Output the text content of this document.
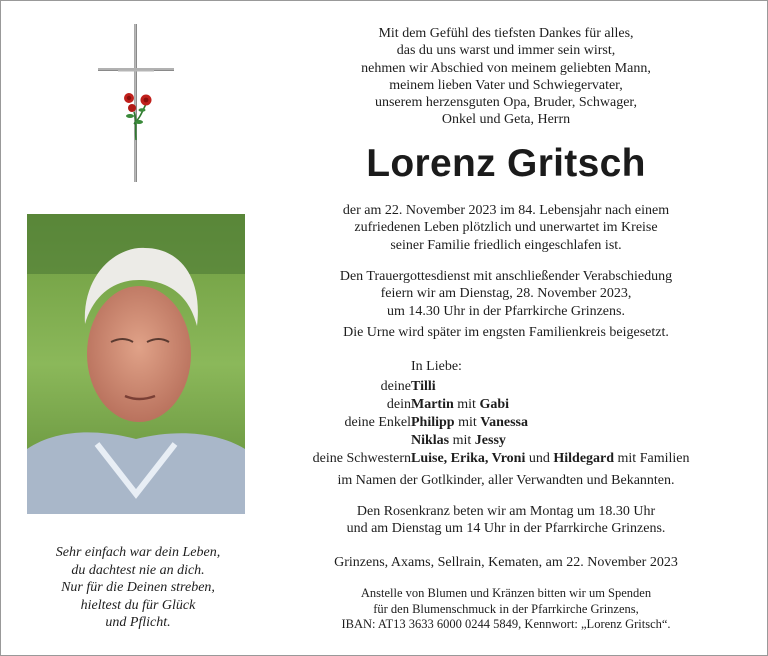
Mit dem Gefühl des tiefsten Dankes für alles,
das du uns warst und immer sein wirst,
nehmen wir Abschied von meinem geliebten Mann,
meinem lieben Vater und Schwiegervater,
unserem herzensguten Opa, Bruder, Schwager,
Onkel und Geta, Herrn
Lorenz Gritsch
der am 22. November 2023 im 84. Lebensjahr nach einem
zufriedenen Leben plötzlich und unerwartet im Kreise
seiner Familie friedlich eingeschlafen ist.
Den Trauergottesdienst mit anschließender Verabschiedung
feiern wir am Dienstag, 28. November 2023,
um 14.30 Uhr in der Pfarrkirche Grinzens.
Die Urne wird später im engsten Familienkreis beigesetzt.
In Liebe:
deine Tilli
dein Martin mit Gabi
deine Enkel Philipp mit Vanessa
Niklas mit Jessy
deine Schwestern Luise, Erika, Vroni und Hildegard mit Familien
im Namen der Gotlkinder, aller Verwandten und Bekannten.
Den Rosenkranz beten wir am Montag um 18.30 Uhr
und am Dienstag um 14 Uhr in der Pfarrkirche Grinzens.
Grinzens, Axams, Sellrain, Kematen, am 22. November 2023
Anstelle von Blumen und Kränzen bitten wir um Spenden
für den Blumenschmuck in der Pfarrkirche Grinzens,
IBAN: AT13 3633 6000 0244 5849, Kennwort: „Lorenz Gritsch“.
Sehr einfach war dein Leben,
du dachtest nie an dich.
Nur für die Deinen streben,
hieltest du für Glück
und Pflicht.
